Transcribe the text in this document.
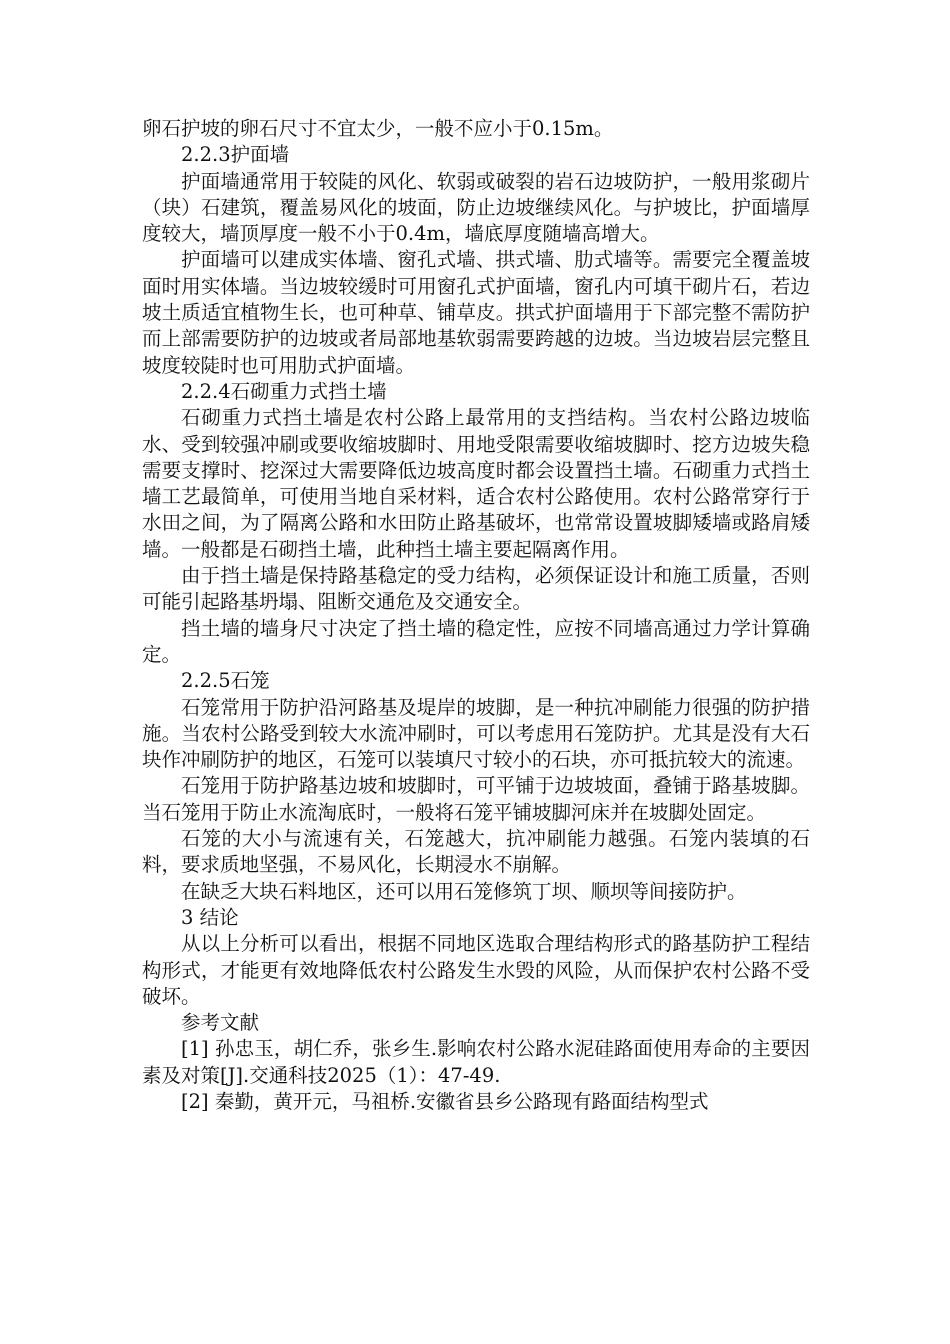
卵石护坡的卵石尺寸不宜太少，一般不应小于0.15m。

2.2.3护面墙

护面墙通常用于较陡的风化、软弱或破裂的岩石边坡防护，一般用浆砌片（块）石建筑，覆盖易风化的坡面，防止边坡继续风化。与护坡比，护面墙厚度较大，墙顶厚度一般不小于0.4m，墙底厚度随墙高增大。

护面墙可以建成实体墙、窗孔式墙、拱式墙、肋式墙等。需要完全覆盖坡面时用实体墙。当边坡较缓时可用窗孔式护面墙，窗孔内可填干砌片石，若边坡土质适宜植物生长，也可种草、铺草皮。拱式护面墙用于下部完整不需防护而上部需要防护的边坡或者局部地基软弱需要跨越的边坡。当边坡岩层完整且坡度较陡时也可用肋式护面墙。

2.2.4石砌重力式挡土墙

石砌重力式挡土墙是农村公路上最常用的支挡结构。当农村公路边坡临水、受到较强冲刷或要收缩坡脚时、用地受限需要收缩坡脚时、挖方边坡失稳需要支撑时、挖深过大需要降低边坡高度时都会设置挡土墙。石砌重力式挡土墙工艺最简单，可使用当地自采材料，适合农村公路使用。农村公路常穿行于水田之间，为了隔离公路和水田防止路基破坏，也常常设置坡脚矮墙或路肩矮墙。一般都是石砌挡土墙，此种挡土墙主要起隔离作用。

由于挡土墙是保持路基稳定的受力结构，必须保证设计和施工质量，否则可能引起路基坍塌、阻断交通危及交通安全。

挡土墙的墙身尺寸决定了挡土墙的稳定性，应按不同墙高通过力学计算确定。

2.2.5石笼

石笼常用于防护沿河路基及堤岸的坡脚，是一种抗冲刷能力很强的防护措施。当农村公路受到较大水流冲刷时，可以考虑用石笼防护。尤其是没有大石块作冲刷防护的地区，石笼可以装填尺寸较小的石块，亦可抵抗较大的流速。

石笼用于防护路基边坡和坡脚时，可平铺于边坡坡面，叠铺于路基坡脚。当石笼用于防止水流淘底时，一般将石笼平铺坡脚河床并在坡脚处固定。

石笼的大小与流速有关，石笼越大，抗冲刷能力越强。石笼内装填的石料，要求质地坚强，不易风化，长期浸水不崩解。

在缺乏大块石料地区，还可以用石笼修筑丁坝、顺坝等间接防护。

3 结论

从以上分析可以看出，根据不同地区选取合理结构形式的路基防护工程结构形式，才能更有效地降低农村公路发生水毁的风险，从而保护农村公路不受破坏。

参考文献

[1] 孙忠玉，胡仁乔，张乡生.影响农村公路水泥硅路面使用寿命的主要因素及对策[J].交通科技2025（1）：47-49.

[2] 秦勤，黄开元，马祖桥.安徽省县乡公路现有路面结构型式
